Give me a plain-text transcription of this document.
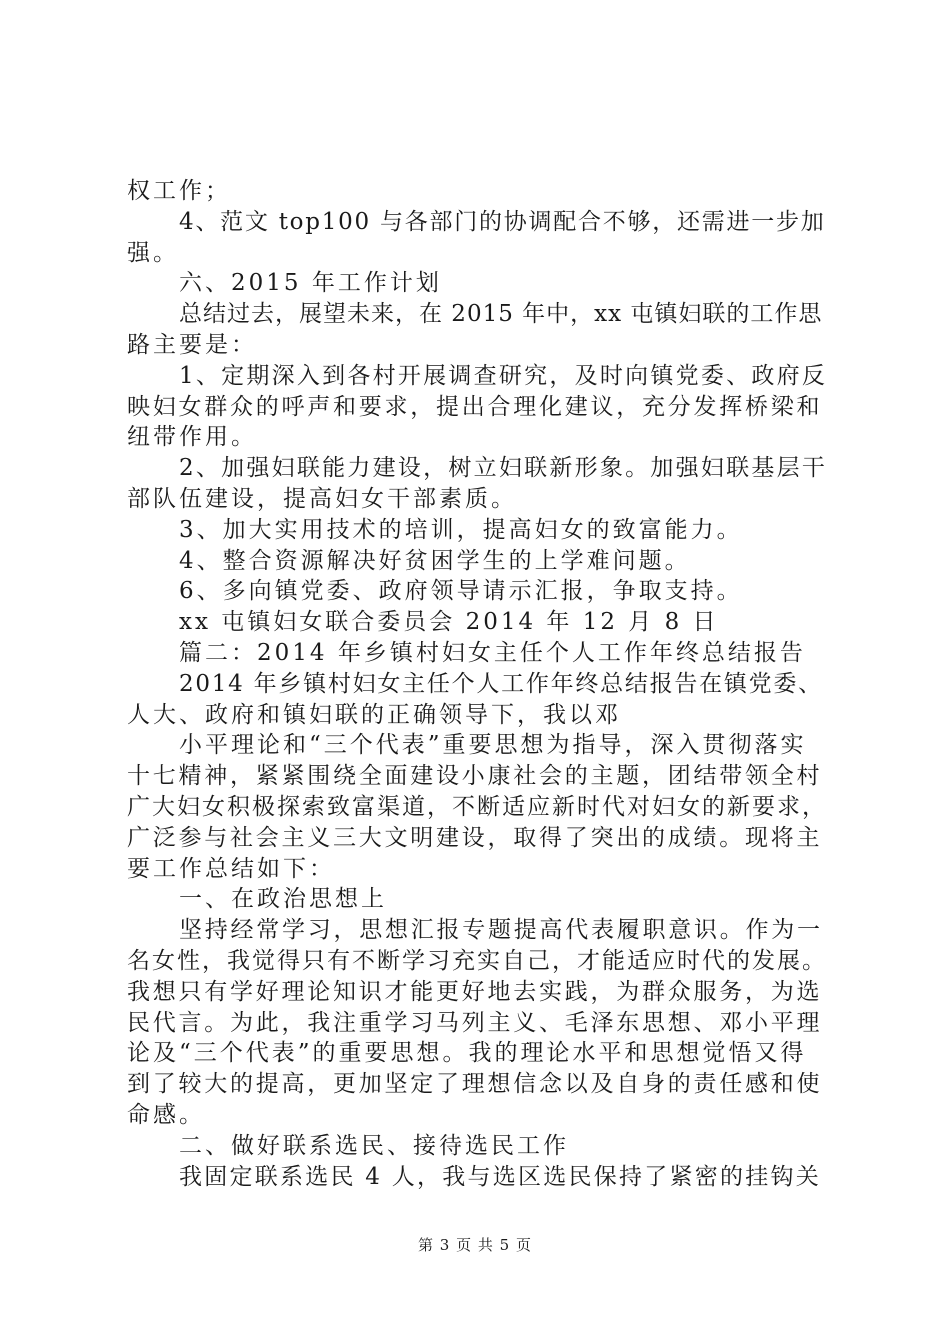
权工作；
4、范文 top100 与各部门的协调配合不够，还需进一步加
强。
六、2015 年工作计划
总结过去，展望未来，在 2015 年中，xx 屯镇妇联的工作思
路主要是：
1、定期深入到各村开展调查研究，及时向镇党委、政府反
映妇女群众的呼声和要求，提出合理化建议，充分发挥桥梁和
纽带作用。
2、加强妇联能力建设，树立妇联新形象。加强妇联基层干
部队伍建设，提高妇女干部素质。
3、加大实用技术的培训，提高妇女的致富能力。
4、整合资源解决好贫困学生的上学难问题。
6、多向镇党委、政府领导请示汇报，争取支持。
xx 屯镇妇女联合委员会 2014 年 12 月 8 日
篇二：2014 年乡镇村妇女主任个人工作年终总结报告
2014 年乡镇村妇女主任个人工作年终总结报告在镇党委、
人大、政府和镇妇联的正确领导下，我以邓
小平理论和“三个代表”重要思想为指导，深入贯彻落实
十七精神，紧紧围绕全面建设小康社会的主题，团结带领全村
广大妇女积极探索致富渠道，不断适应新时代对妇女的新要求，
广泛参与社会主义三大文明建设，取得了突出的成绩。现将主
要工作总结如下：
一、在政治思想上
坚持经常学习，思想汇报专题提高代表履职意识。作为一
名女性，我觉得只有不断学习充实自己，才能适应时代的发展。
我想只有学好理论知识才能更好地去实践，为群众服务，为选
民代言。为此，我注重学习马列主义、毛泽东思想、邓小平理
论及“三个代表”的重要思想。我的理论水平和思想觉悟又得
到了较大的提高，更加坚定了理想信念以及自身的责任感和使
命感。
二、做好联系选民、接待选民工作
我固定联系选民 4 人，我与选区选民保持了紧密的挂钩关
第 3 页 共 5 页
